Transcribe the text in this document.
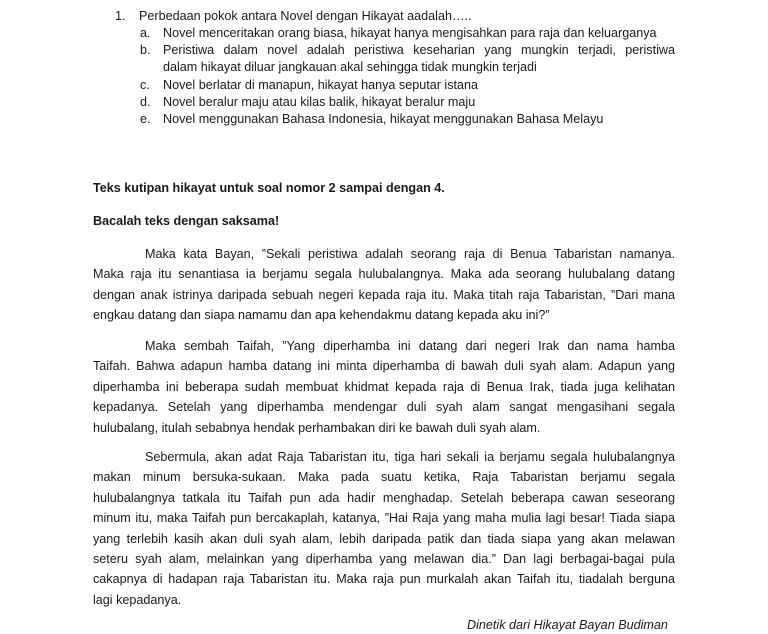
1. Perbedaan pokok antara Novel dengan Hikayat aadalah…..
a. Novel menceritakan orang biasa, hikayat hanya mengisahkan para raja dan keluarganya
b. Peristiwa dalam novel adalah peristiwa keseharian yang mungkin terjadi, peristiwa
dalam hikayat diluar jangkauan akal sehingga tidak mungkin terjadi
c. Novel berlatar di manapun, hikayat hanya seputar istana
d. Novel beralur maju atau kilas balik, hikayat beralur maju
e. Novel menggunakan Bahasa Indonesia, hikayat menggunakan Bahasa Melayu
Teks kutipan hikayat untuk soal nomor 2 sampai dengan 4.
Bacalah teks dengan saksama!
Maka kata Bayan, ”Sekali peristiwa adalah seorang raja di Benua Tabaristan namanya.
Maka raja itu senantiasa ia berjamu segala hulubalangnya. Maka ada seorang hulubalang datang
dengan anak istrinya daripada sebuah negeri kepada raja itu. Maka titah raja Tabaristan, ”Dari mana
engkau datang dan siapa namamu dan apa kehendakmu datang kepada aku ini?”
Maka sembah Taifah, ”Yang diperhamba ini datang dari negeri Irak dan nama hamba
Taifah. Bahwa adapun hamba datang ini minta diperhamba di bawah duli syah alam. Adapun yang
diperhamba ini beberapa sudah membuat khidmat kepada raja di Benua Irak, tiada juga kelihatan
kepadanya. Setelah yang diperhamba mendengar duli syah alam sangat mengasihani segala
hulubalang, itulah sebabnya hendak perhambakan diri ke bawah duli syah alam.
Sebermula, akan adat Raja Tabaristan itu, tiga hari sekali ia berjamu segala hulubalangnya
makan minum bersuka-sukaan. Maka pada suatu ketika, Raja Tabaristan berjamu segala
hulubalangnya tatkala itu Taifah pun ada hadir menghadap. Setelah beberapa cawan seseorang
minum itu, maka Taifah pun bercakaplah, katanya, ”Hai Raja yang maha mulia lagi besar! Tiada siapa
yang terlebih kasih akan duli syah alam, lebih daripada patik dan tiada siapa yang akan melawan
seteru syah alam, melainkan yang diperhamba yang melawan dia.” Dan lagi berbagai-bagai pula
cakapnya di hadapan raja Tabaristan itu. Maka raja pun murkalah akan Taifah itu, tiadalah berguna
lagi kepadanya.
Dinetik dari Hikayat Bayan Budiman
